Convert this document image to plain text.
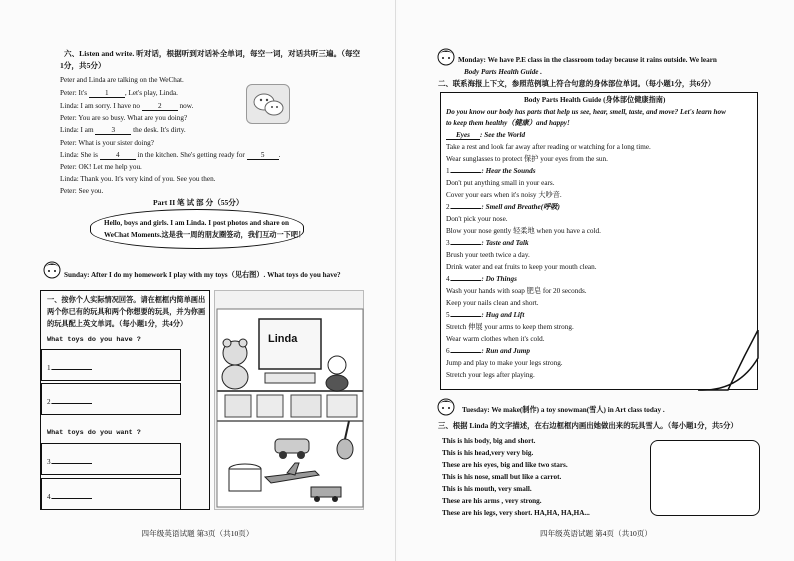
六、Listen and write. 听对话，根据听到对话补全单词，每空一词，对话共听三遍。（每空
1分，共5分）
Peter and Linda are talking on the WeChat.
Peter: It's 1 , Let's play, Linda.
Linda: I am sorry. I have no 2 now.
Peter: You are so busy. What are you doing?
Linda: I am 3 the desk. It's dirty.
Peter: What is your sister doing?
Linda: She is 4 in the kitchen. She's getting ready for 5 .
Peter: OK! Let me help you.
Linda: Thank you. It's very kind of you. See you then.
Peter: See you.
Part II 笔 试 部 分（55分）
Hello, boys and girls. I am Linda. I post photos and share on
WeChat Moments.这是我一周的朋友圈签动，我们互动一下吧！
Sunday: After I do my homework I play with my toys（见右图）. What toys do you have?
一、按你个人实际情况回答。请在框框内简单画出
两个你已有的玩具和两个你想要的玩具，并为你画
的玩具配上英文单词。（每小题1分，共4分）
What toys do you have ?
1.
2.
What toys do you want ?
3.
4.
Linda
四年级英语试题 第3页（共10页）
Monday: We have P.E class in the classroom today because it rains outside. We learn
Body Parts Health Guide .
二、联系海报上下文，参照范例填上符合句意的身体部位单词。（每小题1分，共6分）
Body Parts Health Guide (身体部位健康指南)
Do you know our body has parts that help us see, hear, smell, taste, and move? Let's learn how
to keep them healthy（健康）and happy!
Eyes : See the World
Take a rest and look far away after reading or watching for a long time.
Wear sunglasses to protect 保护 your eyes from the sun.
1.	: Hear the Sounds
Don't put anything small in your ears.
Cover your ears when it's noisy 大吵音.
2.	: Smell and Breathe(呼吸)
Don't pick your nose.
Blow your nose gently 轻柔地 when you have a cold.
3.	: Taste and Talk
Brush your teeth twice a day.
Drink water and eat fruits to keep your mouth clean.
4.	: Do Things
Wash your hands with soap 肥皂 for 20 seconds.
Keep your nails clean and short.
5.	: Hug and Lift
Stretch 伸展 your arms to keep them strong.
Wear warm clothes when it's cold.
6.	: Run and Jump
Jump and play to make your legs strong.
Stretch your legs after playing.
Tuesday: We make(制作) a toy snowman(雪人) in Art class today .
三、根据 Linda 的文字描述，在右边框框内画出她做出来的玩具雪人。（每小题1分，共5分）
This is his body, big and short.
This is his head,very very big.
These are his eyes, big and like two stars.
This is his nose, small but like a carrot.
This is his mouth, very small.
These are his arms , very strong.
These are his legs, very short. HA,HA, HA,HA...
四年级英语试题 第4页（共10页）
